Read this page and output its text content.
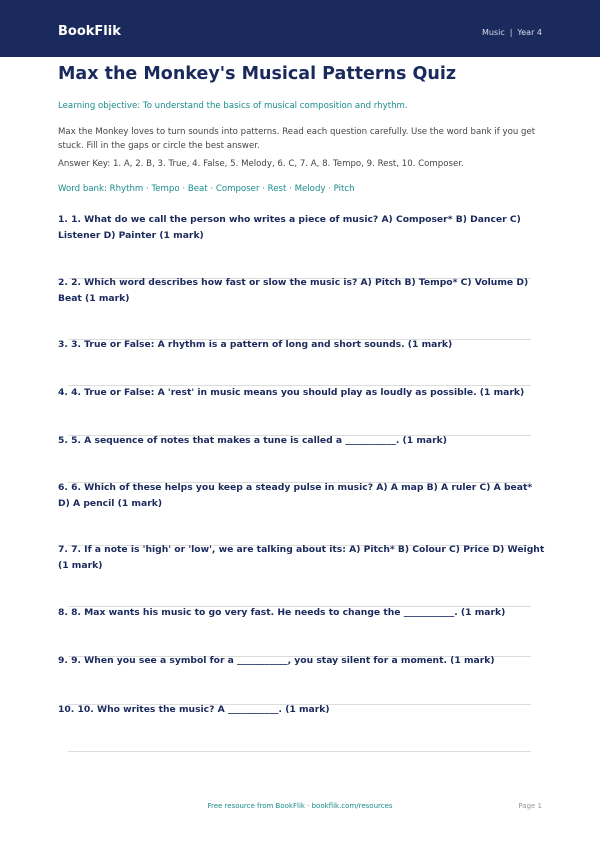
BookFlik	Music | Year 4
Max the Monkey's Musical Patterns Quiz
Learning objective: To understand the basics of musical composition and rhythm.
Max the Monkey loves to turn sounds into patterns. Read each question carefully. Use the word bank if you get stuck. Fill in the gaps or circle the best answer.
Answer Key: 1. A, 2. B, 3. True, 4. False, 5. Melody, 6. C, 7. A, 8. Tempo, 9. Rest, 10. Composer.
Word bank: Rhythm · Tempo · Beat · Composer · Rest · Melody · Pitch
1. 1. What do we call the person who writes a piece of music? A) Composer* B) Dancer C) Listener D) Painter (1 mark)
2. 2. Which word describes how fast or slow the music is? A) Pitch B) Tempo* C) Volume D) Beat (1 mark)
3. 3. True or False: A rhythm is a pattern of long and short sounds. (1 mark)
4. 4. True or False: A 'rest' in music means you should play as loudly as possible. (1 mark)
5. 5. A sequence of notes that makes a tune is called a ___________. (1 mark)
6. 6. Which of these helps you keep a steady pulse in music? A) A map B) A ruler C) A beat* D) A pencil (1 mark)
7. 7. If a note is 'high' or 'low', we are talking about its: A) Pitch* B) Colour C) Price D) Weight (1 mark)
8. 8. Max wants his music to go very fast. He needs to change the ___________. (1 mark)
9. 9. When you see a symbol for a ___________, you stay silent for a moment. (1 mark)
10. 10. Who writes the music? A ___________. (1 mark)
Free resource from BookFlik · bookflik.com/resources	Page 1
